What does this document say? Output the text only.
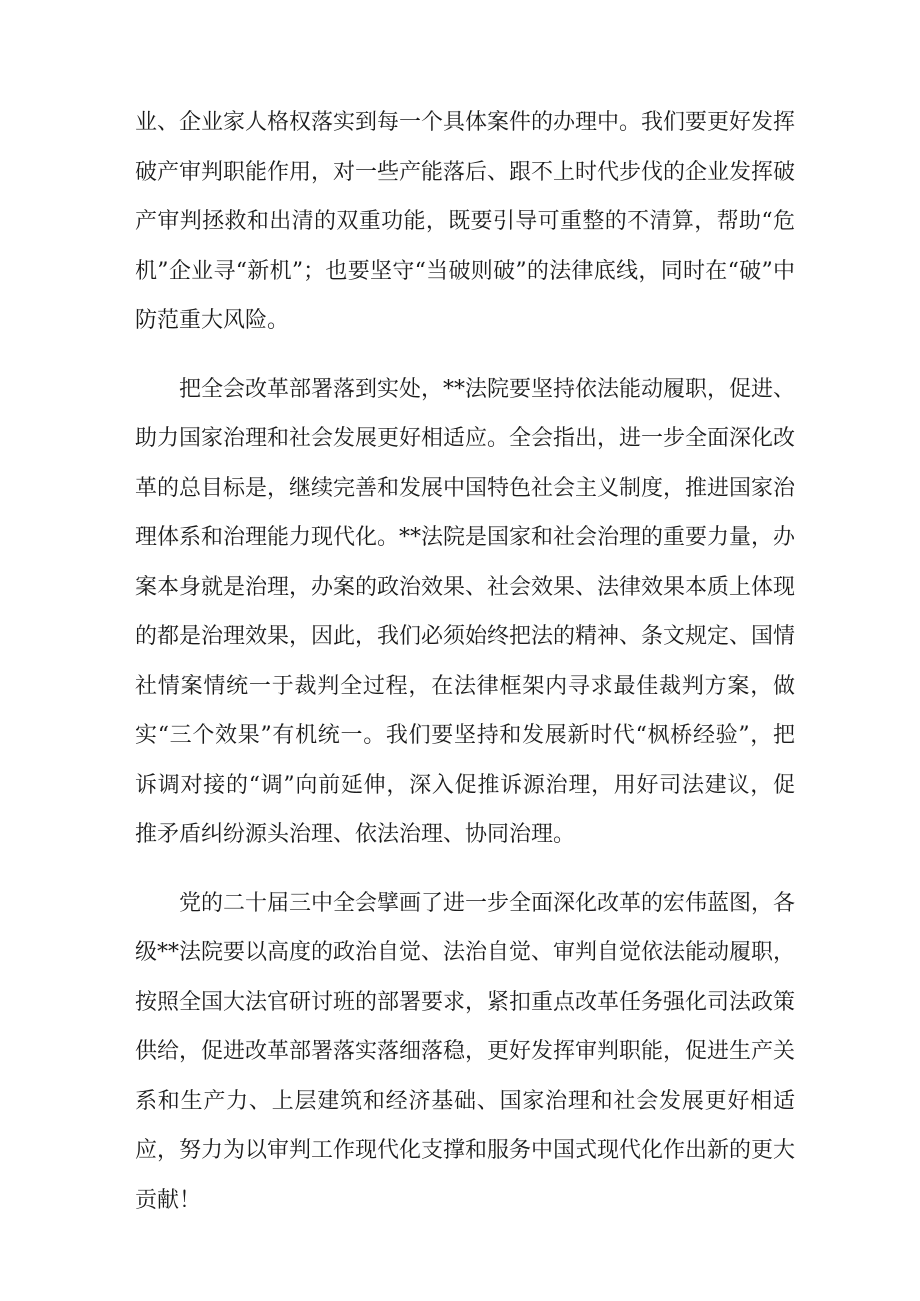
业、企业家人格权落实到每一个具体案件的办理中。我们要更好发挥破产审判职能作用，对一些产能落后、跟不上时代步伐的企业发挥破产审判拯救和出清的双重功能，既要引导可重整的不清算，帮助“危机”企业寻“新机”；也要坚守“当破则破”的法律底线，同时在“破”中防范重大风险。

把全会改革部署落到实处，**法院要坚持依法能动履职，促进、助力国家治理和社会发展更好相适应。全会指出，进一步全面深化改革的总目标是，继续完善和发展中国特色社会主义制度，推进国家治理体系和治理能力现代化。**法院是国家和社会治理的重要力量，办案本身就是治理，办案的政治效果、社会效果、法律效果本质上体现的都是治理效果，因此，我们必须始终把法的精神、条文规定、国情社情案情统一于裁判全过程，在法律框架内寻求最佳裁判方案，做实“三个效果”有机统一。我们要坚持和发展新时代“枫桥经验”，把诉调对接的“调”向前延伸，深入促推诉源治理，用好司法建议，促推矛盾纠纷源头治理、依法治理、协同治理。

党的二十届三中全会擘画了进一步全面深化改革的宏伟蓝图，各级**法院要以高度的政治自觉、法治自觉、审判自觉依法能动履职，按照全国大法官研讨班的部署要求，紧扣重点改革任务强化司法政策供给，促进改革部署落实落细落稳，更好发挥审判职能，促进生产关系和生产力、上层建筑和经济基础、国家治理和社会发展更好相适应，努力为以审判工作现代化支撑和服务中国式现代化作出新的更大贡献！
